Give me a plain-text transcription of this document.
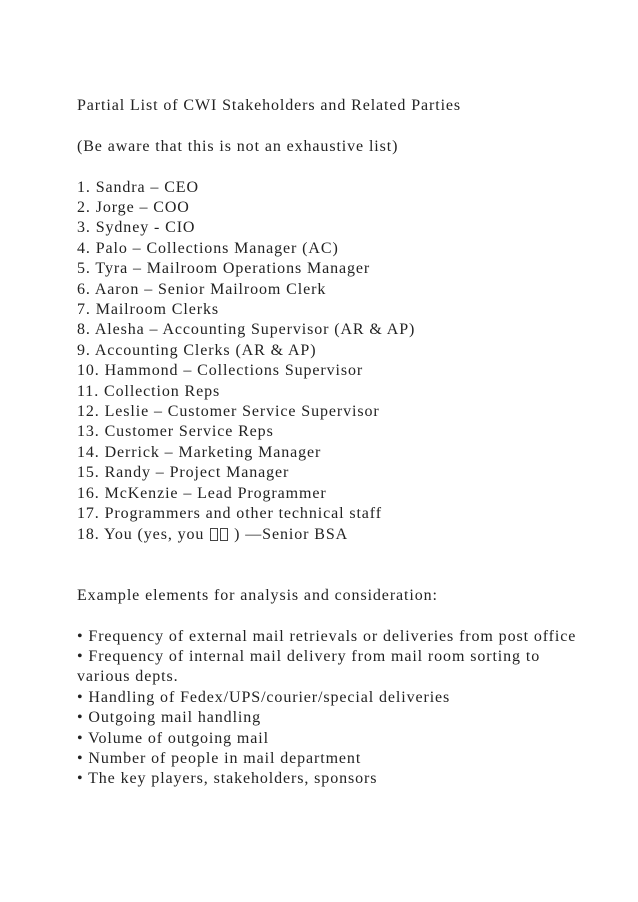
Partial List of CWI Stakeholders and Related Parties

(Be aware that this is not an exhaustive list)

1. Sandra – CEO

2. Jorge – COO

3. Sydney - CIO

4. Palo – Collections Manager (AC)

5. Tyra – Mailroom Operations Manager

6. Aaron – Senior Mailroom Clerk

7. Mailroom Clerks

8. Alesha – Accounting Supervisor (AR & AP)

9. Accounting Clerks (AR & AP)

10. Hammond – Collections Supervisor

11. Collection Reps

12. Leslie – Customer Service Supervisor

13. Customer Service Reps

14. Derrick – Marketing Manager

15. Randy – Project Manager

16. McKenzie – Lead Programmer

17. Programmers and other technical staff

18. You (yes, you ) —Senior BSA

Example elements for analysis and consideration:

• Frequency of external mail retrievals or deliveries from post office

• Frequency of internal mail delivery from mail room sorting to various depts.

• Handling of Fedex/UPS/courier/special deliveries

• Outgoing mail handling

• Volume of outgoing mail

• Number of people in mail department

• The key players, stakeholders, sponsors
